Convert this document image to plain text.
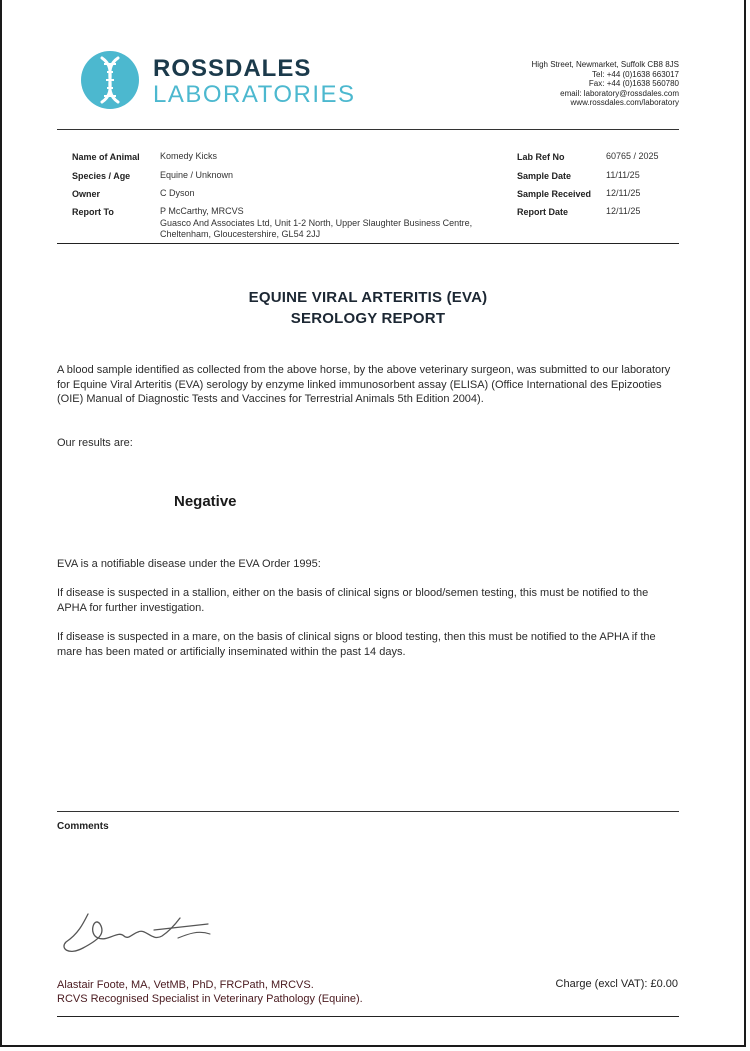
ROSSDALES
LABORATORIES
High Street, Newmarket, Suffolk CB8 8JS
Tel: +44 (0)1638 663017
Fax: +44 (0)1638 560780
email: laboratory@rossdales.com
www.rossdales.com/laboratory
Name of Animal Komedy Kicks
Species / Age	Equine / Unknown
Owner	C Dyson
Report To	P McCarthy, MRCVS
Guasco And Associates Ltd, Unit 1-2 North, Upper Slaughter Business Centre,
Cheltenham, Gloucestershire, GL54 2JJ
Lab Ref No	60765 / 2025
Sample Date	11/11/25
Sample Received 12/11/25
Report Date	12/11/25
EQUINE VIRAL ARTERITIS (EVA)
SEROLOGY REPORT
A blood sample identified as collected from the above horse, by the above veterinary surgeon, was submitted to our laboratory for Equine Viral Arteritis (EVA) serology by enzyme linked immunosorbent assay (ELISA) (Office International des Epizooties (OIE) Manual of Diagnostic Tests and Vaccines for Terrestrial Animals 5th Edition 2004).
Our results are:
Negative
EVA is a notifiable disease under the EVA Order 1995:
If disease is suspected in a stallion, either on the basis of clinical signs or blood/semen testing, this must be notified to the APHA for further investigation.
If disease is suspected in a mare, on the basis of clinical signs or blood testing, then this must be notified to the APHA if the mare has been mated or artificially inseminated within the past 14 days.
Comments
Alastair Foote, MA, VetMB, PhD, FRCPath, MRCVS.
RCVS Recognised Specialist in Veterinary Pathology (Equine).
Charge (excl VAT): £0.00
